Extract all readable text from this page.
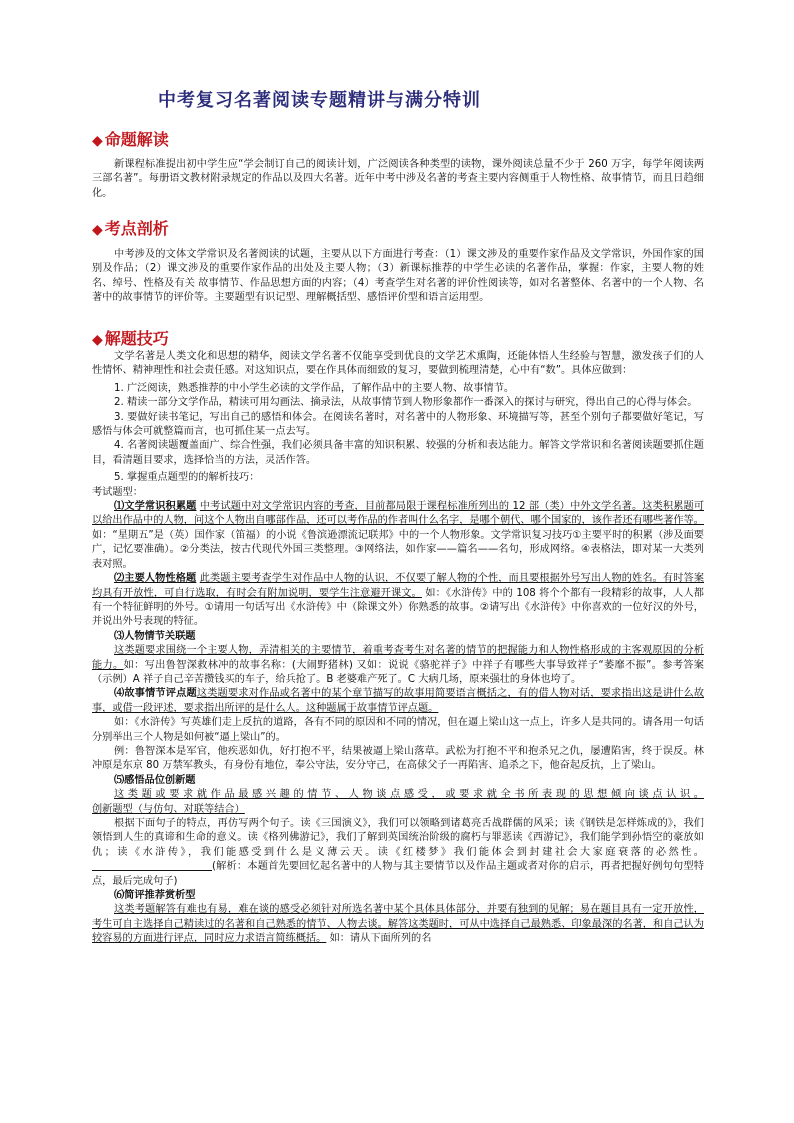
中考复习名著阅读专题精讲与满分特训
◆ 命题解读

新课程标准提出初中学生应“学会制订自己的阅读计划，广泛阅读各种类型的读物，课外阅读总量不少于 260 万字，每学年阅读两三部名著”。每册语文教材附录规定的作品以及四大名著。近年中考中涉及名著的考查主要内容侧重于人物性格、故事情节，而且日趋细化。

◆ 考点剖析

中考涉及的文体文学常识及名著阅读的试题，主要从以下方面进行考查：（1）课文涉及的重要作家作品及文学常识，外国作家的国别及作品；（2）课文涉及的重要作家作品的出处及主要人物；（3）新课标推荐的中学生必读的名著作品，掌握：作家，主要人物的姓名、绰号、性格及有关 故事情节、作品思想方面的内容；（4）考查学生对名著的评价性阅读等，如对名著整体、名著中的一个人物、名著中的故事情节的评价等。主要题型有识记型、理解概括型、感悟评价型和语言运用型。

◆ 解题技巧

文学名著是人类文化和思想的精华，阅读文学名著不仅能享受到优良的文学艺术熏陶，还能体悟人生经验与智慧，激发孩子们的人性情怀、精神理性和社会责任感。对这知识点，要在作具体而细致的复习，要做到梳理清楚，心中有“数”。具体应做到：

1. 广泛阅读，熟悉推荐的中小学生必读的文学作品，了解作品中的主要人物、故事情节。

2. 精读一部分文学作品，精读可用勾画法、摘录法，从故事情节到人物形象都作一番深入的探讨与研究，得出自己的心得与体会。

3. 要做好读书笔记，写出自己的感悟和体会。在阅读名著时，对名著中的人物形象、环境描写等，甚至个别句子都要做好笔记，写感悟与体会可就整篇而言，也可抓住某一点去写。

4. 名著阅读题覆盖面广、综合性强，我们必须具备丰富的知识积累、较强的分析和表达能力。解答文学常识和名著阅读题要抓住题目，看清题目要求，选择恰当的方法，灵活作答。

5. 掌握重点题型的的解析技巧：

考试题型：

⑴文学常识积累题 中考试题中对文学常识内容的考查，目前都局限于课程标准所列出的 12 部（类）中外文学名著。这类积累题可以给出作品中的人物，问这个人物出自哪部作品，还可以考作品的作者叫什么名字，是哪个朝代、哪个国家的，该作者还有哪些著作等。如：“星期五”是（英）国作家（笛福）的小说《鲁滨逊漂流记联邦》中的一个人物形象。文学常识复习技巧①主要平时的积累（涉及面要广，记忆要准确）。②分类法，按古代现代外国三类整理。③网络法，如作家——篇名——名句，形成网络。④表格法，即对某一大类列表对照。

⑵主要人物性格题 此类题主要考查学生对作品中人物的认识，不仅要了解人物的个性，而且要根据外号写出人物的姓名。有时答案均具有开放性，可自行选取，有时会有附加说明，要学生注意避开课文。 如：《水浒传》中的 108 将个个都有一段精彩的故事，人人都有一个特征鲜明的外号。①请用一句话写出《水浒传》中（除课文外）你熟悉的故事。②请写出《水浒传》中你喜欢的一位好汉的外号，并说出外号表现的特征。

⑶人物情节关联题

这类题要求围绕一个主要人物，弄清相关的主要情节，着重考查考生对名著的情节的把握能力和人物性格形成的主客观原因的分析能力。如：写出鲁智深救林冲的故事名称：(大闹野猪林) 又如：说说《骆驼祥子》中祥子有哪些大事导致祥子“萎靡不振”。参考答案（示例）A 祥子自己辛苦攒钱买的车子，给兵抢了。B 老婆难产死了。C 大病几场，原来强壮的身体也垮了。

⑷故事情节评点题这类题要求对作品或名著中的某个章节描写的故事用简要语言概括之，有的借人物对话，要求指出这是讲什么故事，或借一段评述，要求指出所评的是什么人。这种题属于故事情节评点题。

如：《水浒传》写英雄们走上反抗的道路，各有不同的原因和不同的情况，但在逼上梁山这一点上，许多人是共同的。请各用一句话分别举出三个人物是如何被“逼上梁山”的。

例：鲁智深本是军官，他疾恶如仇，好打抱不平，结果被逼上梁山落草。武松为打抱不平和抱杀兄之仇，屡遭陷害，终于误反。林冲原是东京 80 万禁军教头，有身份有地位，奉公守法，安分守己，在高俅父子一再陷害、追杀之下，他奋起反抗，上了梁山。

⑸感悟品位创新题

这类题或要求就作品最感兴趣的情节、人物谈点感受，或要求就全书所表现的思想倾向谈点认识。 创新题型（与仿句、对联等结合）

根据下面句子的特点，再仿写两个句子。读《三国演义》，我们可以领略到诸葛亮舌战群儒的风采；读《钢铁是怎样炼成的》，我们领悟到人生的真谛和生命的意义。读《格列佛游记》，我们了解到英国统治阶级的腐朽与罪恶读《西游记》，我们能学到孙悟空的豪放如仇；读《水浒传》，我们能感受到什么是义薄云天。读《红楼梦》我们能体会到封建社会大家庭衰落的必然性。(解析：本题首先要回忆起名著中的人物与其主要情节以及作品主题或者对你的启示，再者把握好例句句型特点，最后完成句子)

⑹简评推荐赏析型

这类考题解答有难也有易，难在谈的感受必须针对所选名著中某个具体具体部分，并要有独到的见解；易在题目具有一定开放性，考生可自主选择自己精读过的名著和自己熟悉的情节、人物去谈。解答这类题时，可从中选择自己最熟悉、印象最深的名著，和自己认为较容易的方面进行评点，同时应力求语言简练概括。 如：请从下面所列的名
